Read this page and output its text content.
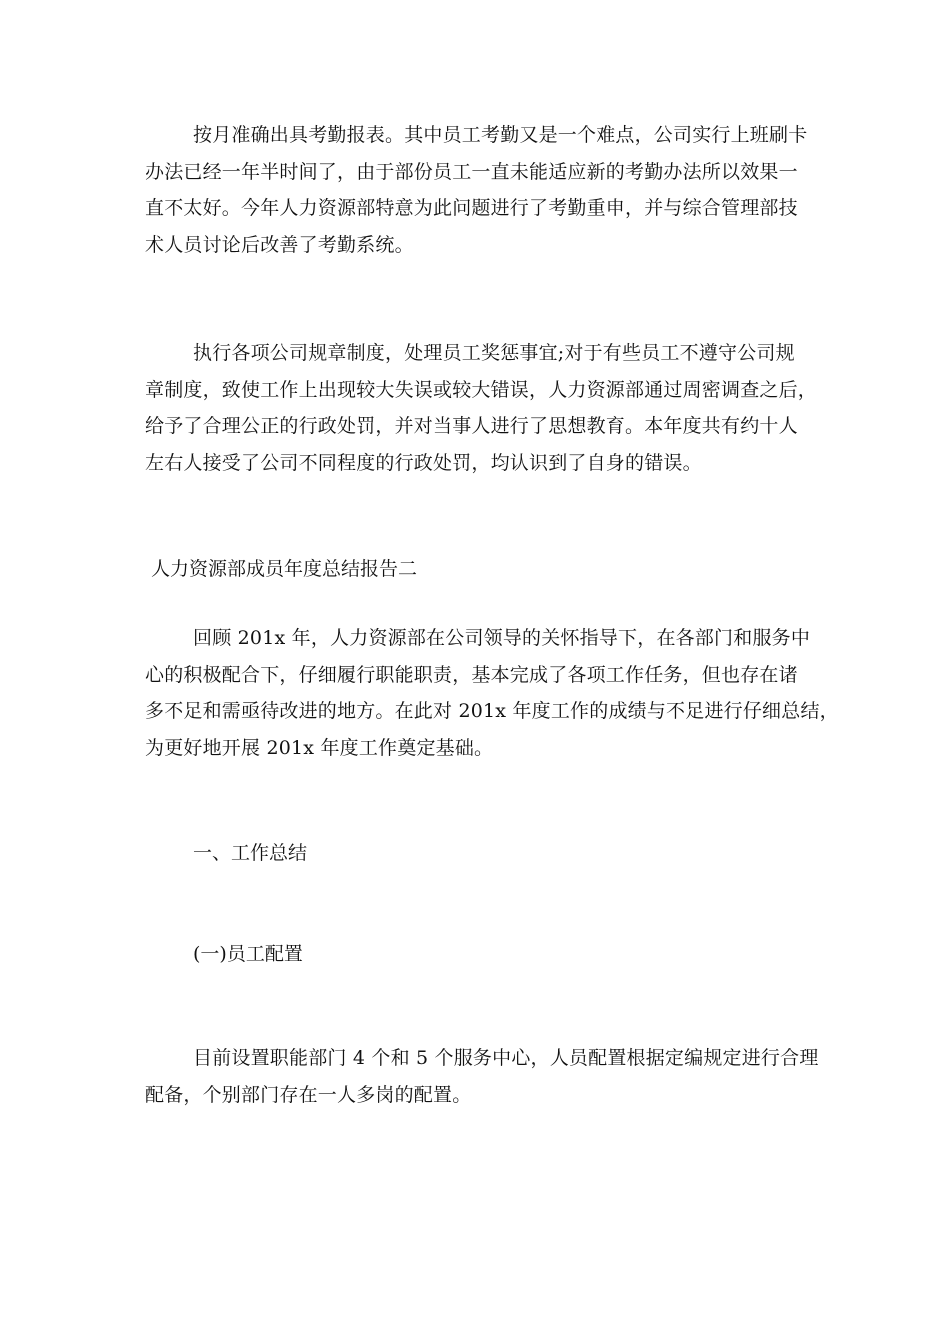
按月准确出具考勤报表。其中员工考勤又是一个难点，公司实行上班刷卡
办法已经一年半时间了，由于部份员工一直未能适应新的考勤办法所以效果一
直不太好。今年人力资源部特意为此问题进行了考勤重申，并与综合管理部技
术人员讨论后改善了考勤系统。
执行各项公司规章制度，处理员工奖惩事宜;对于有些员工不遵守公司规
章制度，致使工作上出现较大失误或较大错误，人力资源部通过周密调查之后，
给予了合理公正的行政处罚，并对当事人进行了思想教育。本年度共有约十人
左右人接受了公司不同程度的行政处罚，均认识到了自身的错误。
人力资源部成员年度总结报告二
回顾 201x 年，人力资源部在公司领导的关怀指导下，在各部门和服务中
心的积极配合下，仔细履行职能职责，基本完成了各项工作任务，但也存在诸
多不足和需亟待改进的地方。在此对 201x 年度工作的成绩与不足进行仔细总结，
为更好地开展 201x 年度工作奠定基础。
一、工作总结
(一)员工配置
目前设置职能部门 4 个和 5 个服务中心，人员配置根据定编规定进行合理
配备，个别部门存在一人多岗的配置。
